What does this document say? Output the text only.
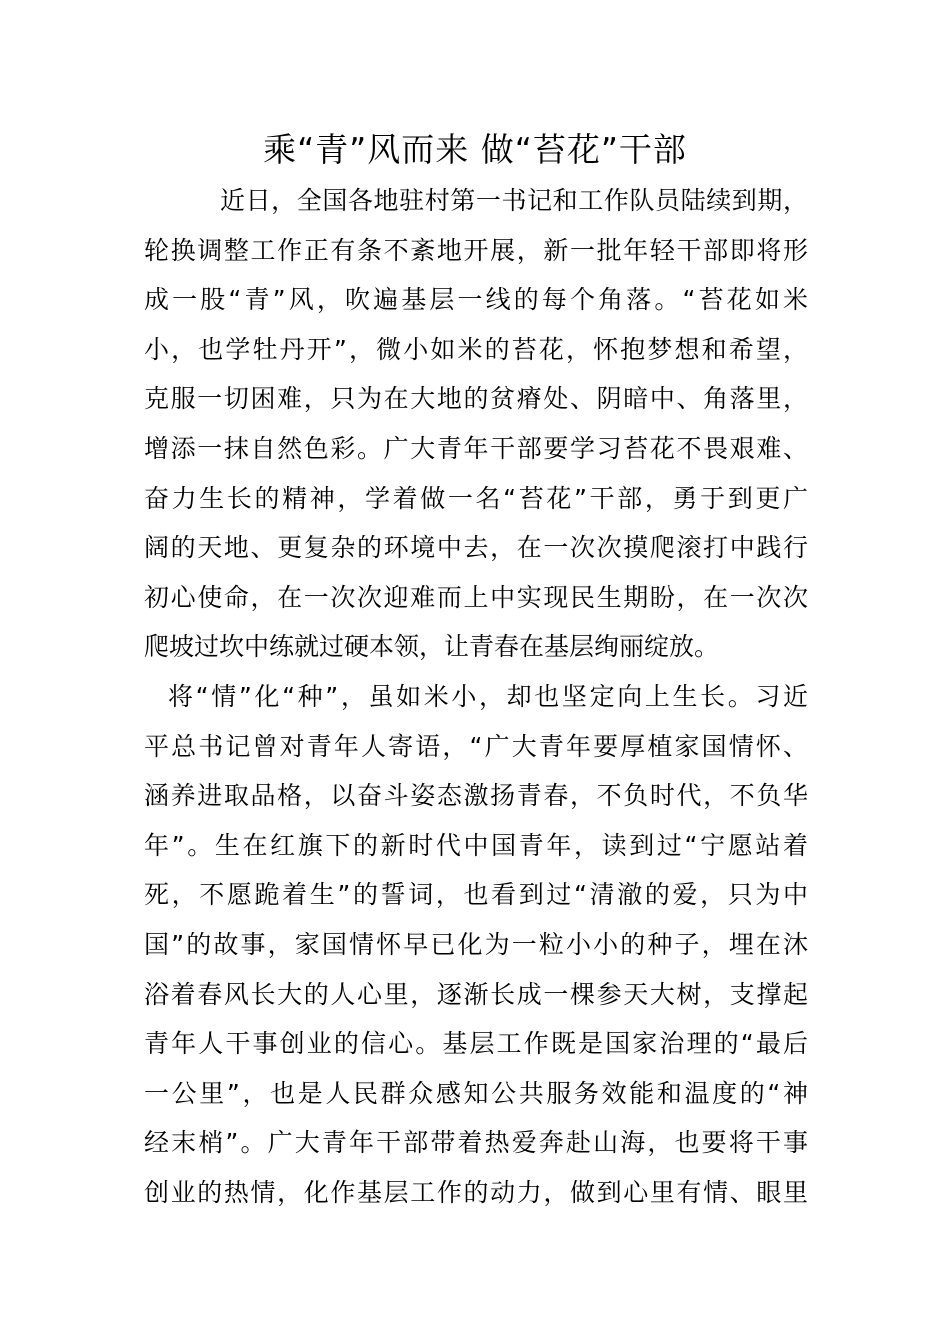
乘“青”风而来 做“苔花”干部
近日，全国各地驻村第一书记和工作队员陆续到期，
轮换调整工作正有条不紊地开展，新一批年轻干部即将形
成一股“青”风，吹遍基层一线的每个角落。“苔花如米
小，也学牡丹开”，微小如米的苔花，怀抱梦想和希望，
克服一切困难，只为在大地的贫瘠处、阴暗中、角落里，
增添一抹自然色彩。广大青年干部要学习苔花不畏艰难、
奋力生长的精神，学着做一名“苔花”干部，勇于到更广
阔的天地、更复杂的环境中去，在一次次摸爬滚打中践行
初心使命，在一次次迎难而上中实现民生期盼，在一次次
爬坡过坎中练就过硬本领，让青春在基层绚丽绽放。
将“情”化“种”，虽如米小，却也坚定向上生长。习近
平总书记曾对青年人寄语，“广大青年要厚植家国情怀、
涵养进取品格，以奋斗姿态激扬青春，不负时代，不负华
年”。生在红旗下的新时代中国青年，读到过“宁愿站着
死，不愿跪着生”的誓词，也看到过“清澈的爱，只为中
国”的故事，家国情怀早已化为一粒小小的种子，埋在沐
浴着春风长大的人心里，逐渐长成一棵参天大树，支撑起
青年人干事创业的信心。基层工作既是国家治理的“最后
一公里”，也是人民群众感知公共服务效能和温度的“神
经末梢”。广大青年干部带着热爱奔赴山海，也要将干事
创业的热情，化作基层工作的动力，做到心里有情、眼里
